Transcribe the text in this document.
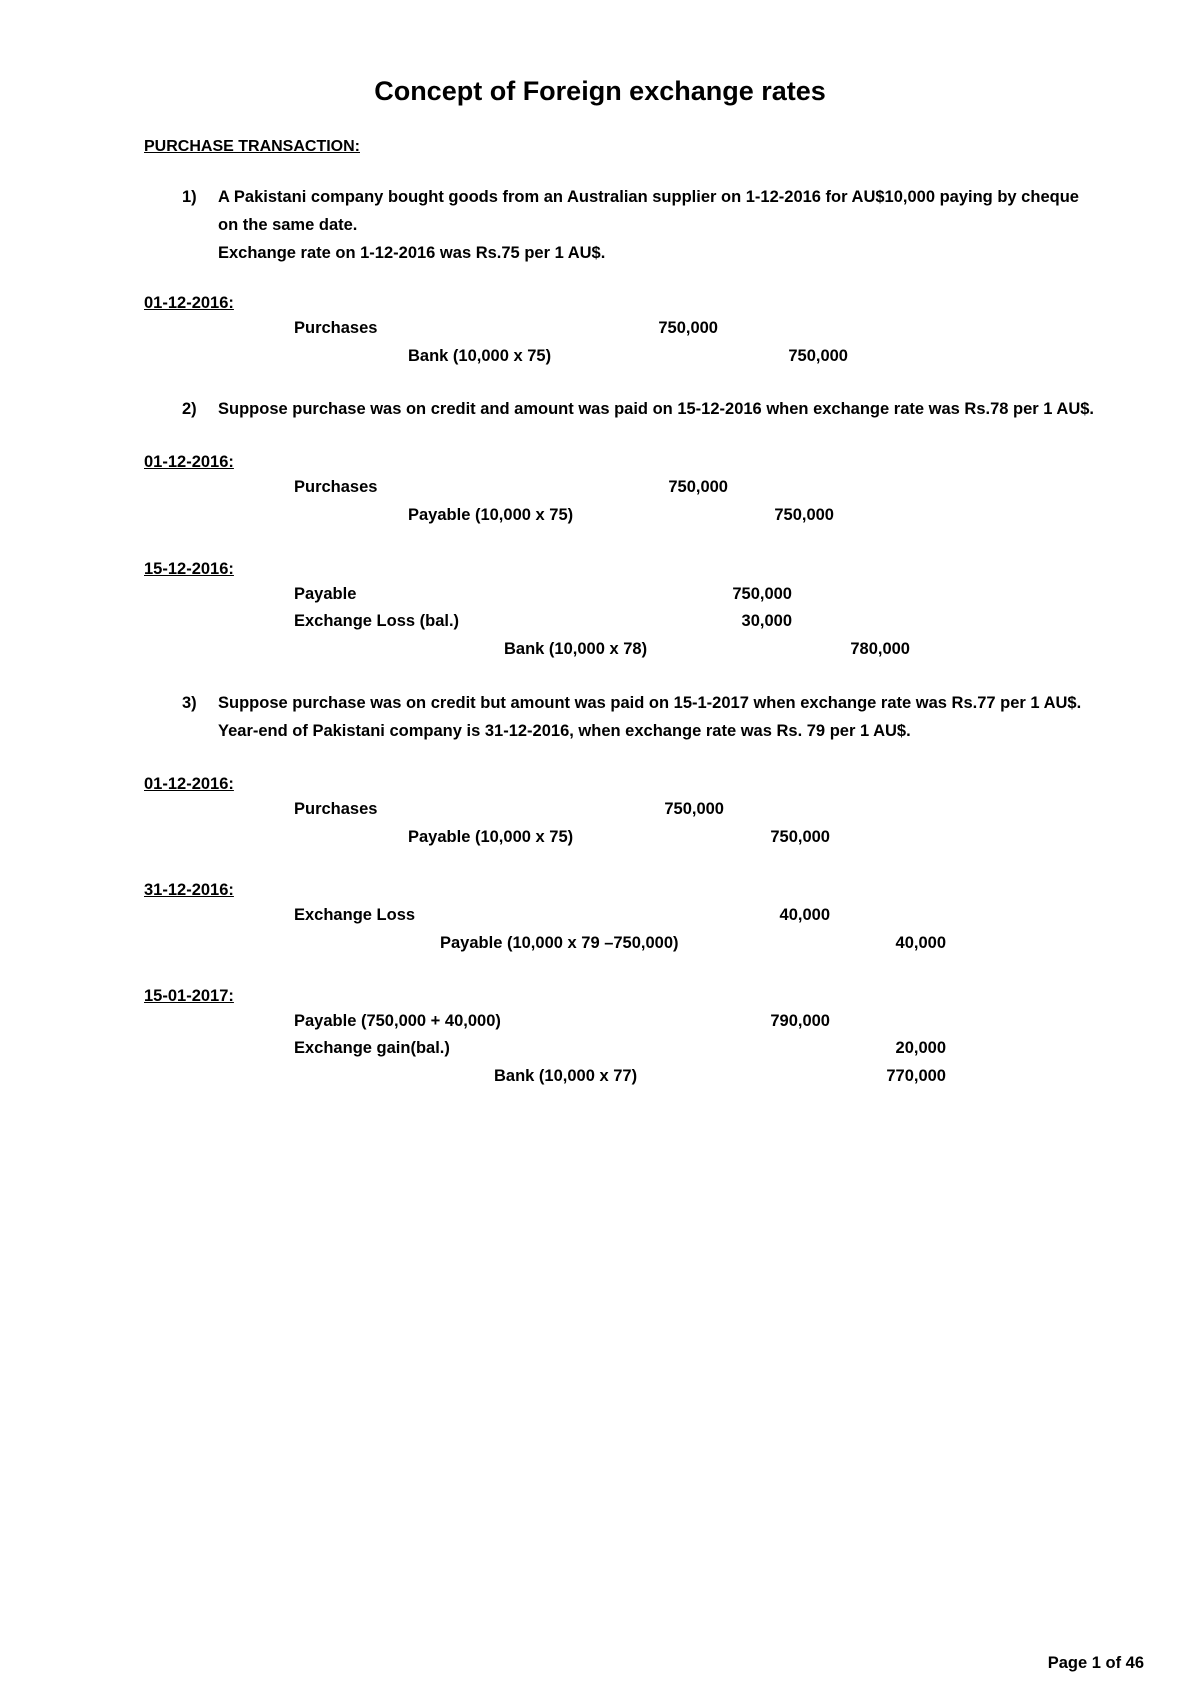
Concept of Foreign exchange rates
PURCHASE TRANSACTION:
1) A Pakistani company bought goods from an Australian supplier on 1-12-2016 for AU$10,000 paying by cheque
on the same date.
Exchange rate on 1-12-2016 was Rs.75 per 1 AU$.
01-12-2016:
Purchases	750,000
Bank (10,000 x 75)	750,000
2) Suppose purchase was on credit and amount was paid on 15-12-2016 when exchange rate was Rs.78 per 1 AU$.
01-12-2016:
Purchases	750,000
Payable (10,000 x 75)	750,000
15-12-2016:
Payable	750,000
Exchange Loss (bal.)	30,000
Bank (10,000 x 78)	780,000
3) Suppose purchase was on credit but amount was paid on 15-1-2017 when exchange rate was Rs.77 per 1 AU$.
Year-end of Pakistani company is 31-12-2016, when exchange rate was Rs. 79 per 1 AU$.
01-12-2016:
Purchases	750,000
Payable (10,000 x 75)	750,000
31-12-2016:
Exchange Loss	40,000
Payable (10,000 x 79 –750,000)	40,000
15-01-2017:
Payable (750,000 + 40,000)	790,000
Exchange gain(bal.)	20,000
Bank (10,000 x 77)	770,000
Page 1 of 46
